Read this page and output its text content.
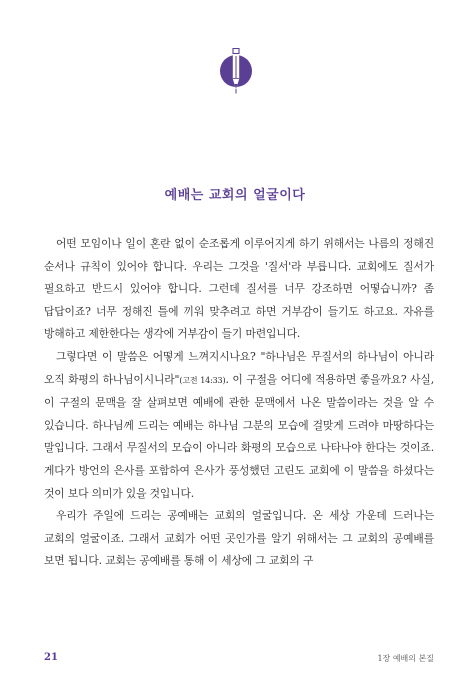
예배는 교회의 얼굴이다

어떤 모임이나 일이 혼란 없이 순조롭게 이루어지게 하기 위해서는 나름의 정해진 순서나 규칙이 있어야 합니다. 우리는 그것을 '질서'라 부릅니다. 교회에도 질서가 필요하고 반드시 있어야 합니다. 그런데 질서를 너무 강조하면 어떻습니까? 좀 답답이죠? 너무 정해진 틀에 끼워 맞추려고 하면 거부감이 들기도 하고요. 자유를 방해하고 제한한다는 생각에 거부감이 들기 마련입니다.

그렇다면 이 말씀은 어떻게 느껴지시나요? "하나님은 무질서의 하나님이 아니라 오직 화평의 하나님이시니라"(고전 14:33). 이 구절을 어디에 적용하면 좋을까요? 사실, 이 구절의 문맥을 잘 살펴보면 예배에 관한 문맥에서 나온 말씀이라는 것을 알 수 있습니다. 하나님께 드리는 예배는 하나님 그분의 모습에 걸맞게 드려야 마땅하다는 말입니다. 그래서 무질서의 모습이 아니라 화평의 모습으로 나타나야 한다는 것이죠. 게다가 방언의 은사를 포함하여 은사가 풍성했던 고린도 교회에 이 말씀을 하셨다는 것이 보다 의미가 있을 것입니다.

우리가 주일에 드리는 공예배는 교회의 얼굴입니다. 온 세상 가운데 드러나는 교회의 얼굴이죠. 그래서 교회가 어떤 곳인가를 알기 위해서는 그 교회의 공예배를 보면 됩니다. 교회는 공예배를 통해 이 세상에 그 교회의 구

21	1장 예배의 본질
